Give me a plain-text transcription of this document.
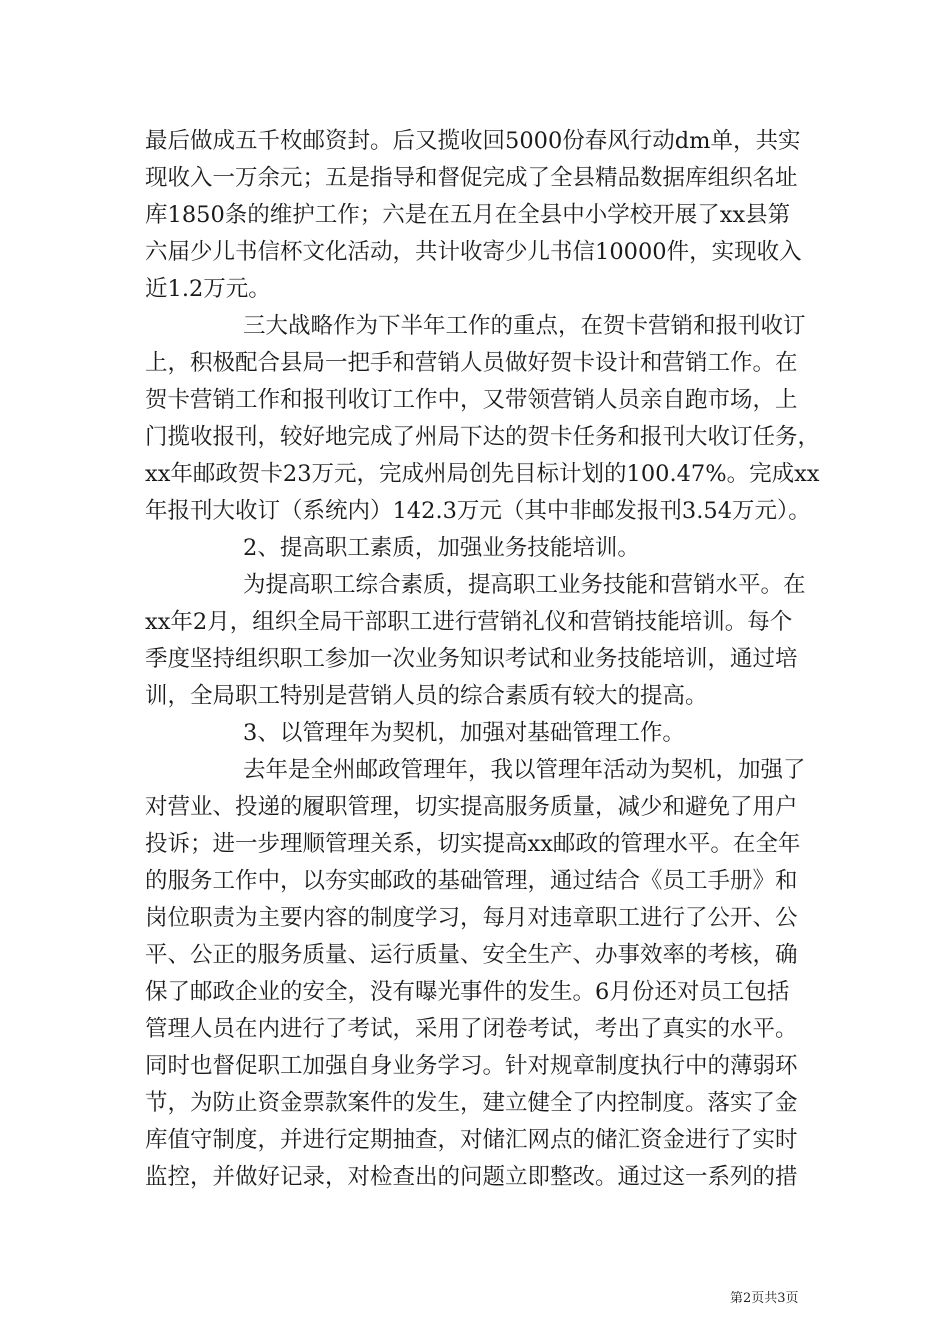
最后做成五千枚邮资封。后又揽收回5000份春风行动dm单，共实
现收入一万余元；五是指导和督促完成了全县精品数据库组织名址
库1850条的维护工作；六是在五月在全县中小学校开展了xx县第
六届少儿书信杯文化活动，共计收寄少儿书信10000件，实现收入
近1.2万元。
三大战略作为下半年工作的重点，在贺卡营销和报刊收订
上，积极配合县局一把手和营销人员做好贺卡设计和营销工作。在
贺卡营销工作和报刊收订工作中，又带领营销人员亲自跑市场，上
门揽收报刊，较好地完成了州局下达的贺卡任务和报刊大收订任务，
xx年邮政贺卡23万元，完成州局创先目标计划的100.47%。完成xx
年报刊大收订（系统内）142.3万元（其中非邮发报刊3.54万元）。
2、提高职工素质，加强业务技能培训。
为提高职工综合素质，提高职工业务技能和营销水平。在
xx年2月，组织全局干部职工进行营销礼仪和营销技能培训。每个
季度坚持组织职工参加一次业务知识考试和业务技能培训，通过培
训，全局职工特别是营销人员的综合素质有较大的提高。
3、以管理年为契机，加强对基础管理工作。
去年是全州邮政管理年，我以管理年活动为契机，加强了
对营业、投递的履职管理，切实提高服务质量，减少和避免了用户
投诉；进一步理顺管理关系，切实提高xx邮政的管理水平。在全年
的服务工作中，以夯实邮政的基础管理，通过结合《员工手册》和
岗位职责为主要内容的制度学习，每月对违章职工进行了公开、公
平、公正的服务质量、运行质量、安全生产、办事效率的考核，确
保了邮政企业的安全，没有曝光事件的发生。6月份还对员工包括
管理人员在内进行了考试，采用了闭卷考试，考出了真实的水平。
同时也督促职工加强自身业务学习。针对规章制度执行中的薄弱环
节，为防止资金票款案件的发生，建立健全了内控制度。落实了金
库值守制度，并进行定期抽查，对储汇网点的储汇资金进行了实时
监控，并做好记录，对检查出的问题立即整改。通过这一系列的措
第2页共3页
